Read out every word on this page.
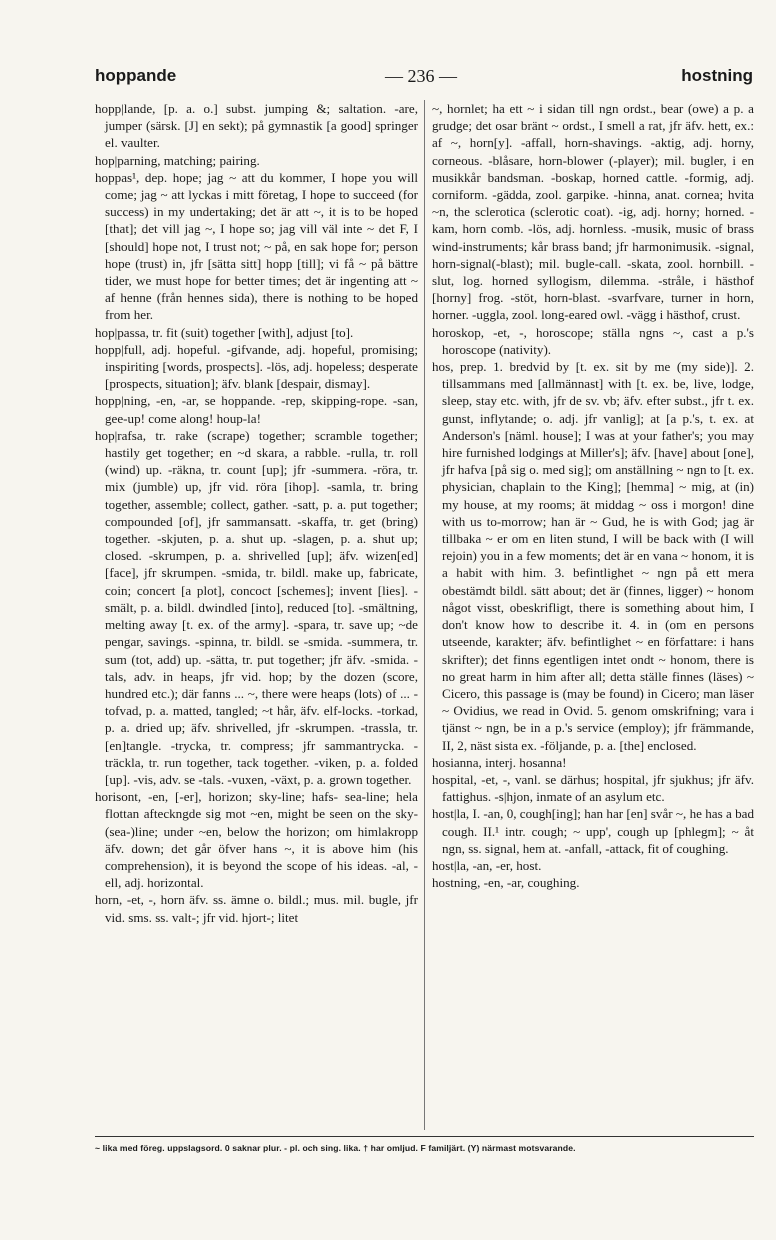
hoppande	— 236 —	hostning

hopp|lande, [p. a. o.] subst. jumping &; saltation. -are, jumper (särsk. [J] en sekt); på gymnastik [a good] springer el. vaulter.

hop|parning, matching; pairing.

hoppas¹, dep. hope; jag ~ att du kommer, I hope you will come; jag ~ att lyckas i mitt företag, I hope to succeed (for success) in my undertaking; det är att ~, it is to be hoped [that]; det vill jag ~, I hope so; jag vill väl inte ~ det F, I [should] hope not, I trust not; ~ på, en sak hope for; person hope (trust) in, jfr [sätta sitt] hopp [till]; vi få ~ på bättre tider, we must hope for better times; det är ingenting att ~ af henne (från hennes sida), there is nothing to be hoped from her.

hop|passa, tr. fit (suit) together [with], adjust [to].

hopp|full, adj. hopeful. -gifvande, adj. hopeful, promising; inspiriting [words, prospects]. -lös, adj. hopeless; desperate [prospects, situation]; äfv. blank [despair, dismay].

hopp|ning, -en, -ar, se hoppande. -rep, skipping-rope. -san, gee-up! come along! houp-la!

hop|rafsa, tr. rake (scrape) together; scramble together; hastily get together; en ~d skara, a rabble. -rulla, tr. roll (wind) up. -räkna, tr. count [up]; jfr -summera. -röra, tr. mix (jumble) up, jfr vid. röra [ihop]. -samla, tr. bring together, assemble; collect, gather. -satt, p. a. put together; compounded [of], jfr sammansatt. -skaffa, tr. get (bring) together. -skjuten, p. a. shut up. -slagen, p. a. shut up; closed. -skrumpen, p. a. shrivelled [up]; äfv. wizen[ed] [face], jfr skrumpen. -smida, tr. bildl. make up, fabricate, coin; concert [a plot], concoct [schemes]; invent [lies]. -smält, p. a. bildl. dwindled [into], reduced [to]. -smältning, melting away [t. ex. of the army]. -spara, tr. save up; ~de pengar, savings. -spinna, tr. bildl. se -smida. -summera, tr. sum (tot, add) up. -sätta, tr. put together; jfr äfv. -smida. -tals, adv. in heaps, jfr vid. hop; by the dozen (score, hundred etc.); där fanns ... ~, there were heaps (lots) of ... -tofvad, p. a. matted, tangled; ~t hår, äfv. elf-locks. -torkad, p. a. dried up; äfv. shrivelled, jfr -skrumpen. -trassla, tr. [en]tangle. -trycka, tr. compress; jfr sammantrycka. -träckla, tr. run together, tack together. -viken, p. a. folded [up]. -vis, adv. se -tals. -vuxen, -växt, p. a. grown together.

horisont, -en, [-er], horizon; sky-line; hafs- sea-line; hela flottan afteckngde sig mot ~en, might be seen on the sky-(sea-)line; under ~en, below the horizon; om himlakropp äfv. down; det går öfver hans ~, it is above him (his comprehension), it is beyond the scope of his ideas. -al, -ell, adj. horizontal.

horn, -et, -, horn äfv. ss. ämne o. bildl.; mus. mil. bugle, jfr vid. sms. ss. valt-; jfr vid. hjort-; litet

~, hornlet; ha ett ~ i sidan till ngn ordst., bear (owe) a p. a grudge; det osar bränt ~ ordst., I smell a rat, jfr äfv. hett, ex.: af ~, horn[y]. -affall, horn-shavings. -aktig, adj. horny, corneous. -blåsare, horn-blower (-player); mil. bugler, i en musikkår bandsman. -boskap, horned cattle. -formig, adj. corniform. -gädda, zool. garpike. -hinna, anat. cornea; hvita ~n, the sclerotica (sclerotic coat). -ig, adj. horny; horned. -kam, horn comb. -lös, adj. hornless. -musik, music of brass wind-instruments; kår brass band; jfr harmonimusik. -signal, horn-signal(-blast); mil. bugle-call. -skata, zool. hornbill. -slut, log. horned syllogism, dilemma. -stråle, i hästhof [horny] frog. -stöt, horn-blast. -svarfvare, turner in horn, horner. -uggla, zool. long-eared owl. -vägg i hästhof, crust.

horoskop, -et, -, horoscope; ställa ngns ~, cast a p.'s horoscope (nativity).

hos, prep. 1. bredvid by [t. ex. sit by me (my side)]. 2. tillsammans med [allmännast] with [t. ex. be, live, lodge, sleep, stay etc. with, jfr de sv. vb; äfv. efter subst., jfr t. ex. gunst, inflytande; o. adj. jfr vanlig]; at [a p.'s, t. ex. at Anderson's [näml. house]; I was at your father's; you may hire furnished lodgings at Miller's]; äfv. [have] about [one], jfr hafva [på sig o. med sig]; om anställning ~ ngn to [t. ex. physician, chaplain to the King]; [hemma] ~ mig, at (in) my house, at my rooms; ät middag ~ oss i morgon! dine with us to-morrow; han är ~ Gud, he is with God; jag är tillbaka ~ er om en liten stund, I will be back with (I will rejoin) you in a few moments; det är en vana ~ honom, it is a habit with him. 3. befintlighet ~ ngn på ett mera obestämdt bildl. sätt about; det är (finnes, ligger) ~ honom något visst, obeskrifligt, there is something about him, I don't know how to describe it. 4. in (om en persons utseende, karakter; äfv. befintlighet ~ en författare: i hans skrifter); det finns egentligen intet ondt ~ honom, there is no great harm in him after all; detta ställe finnes (läses) ~ Cicero, this passage is (may be found) in Cicero; man läser ~ Ovidius, we read in Ovid. 5. genom omskrifning; vara i tjänst ~ ngn, be in a p.'s service (employ); jfr främmande, II, 2, näst sista ex. -följande, p. a. [the] enclosed.

hosianna, interj. hosanna!

hospital, -et, -, vanl. se därhus; hospital, jfr sjukhus; jfr äfv. fattighus. -s|hjon, inmate of an asylum etc.

host|la, I. -an, 0, cough[ing]; han har [en] svår ~, he has a bad cough. II.¹ intr. cough; ~ upp', cough up [phlegm]; ~ åt ngn, ss. signal, hem at. -anfall, -attack, fit of coughing.

host|la, -an, -er, host.

hostning, -en, -ar, coughing.

~ lika med föreg. uppslagsord. 0 saknar plur. - pl. och sing. lika. † har omljud. F familjärt. (Y) närmast motsvarande.
